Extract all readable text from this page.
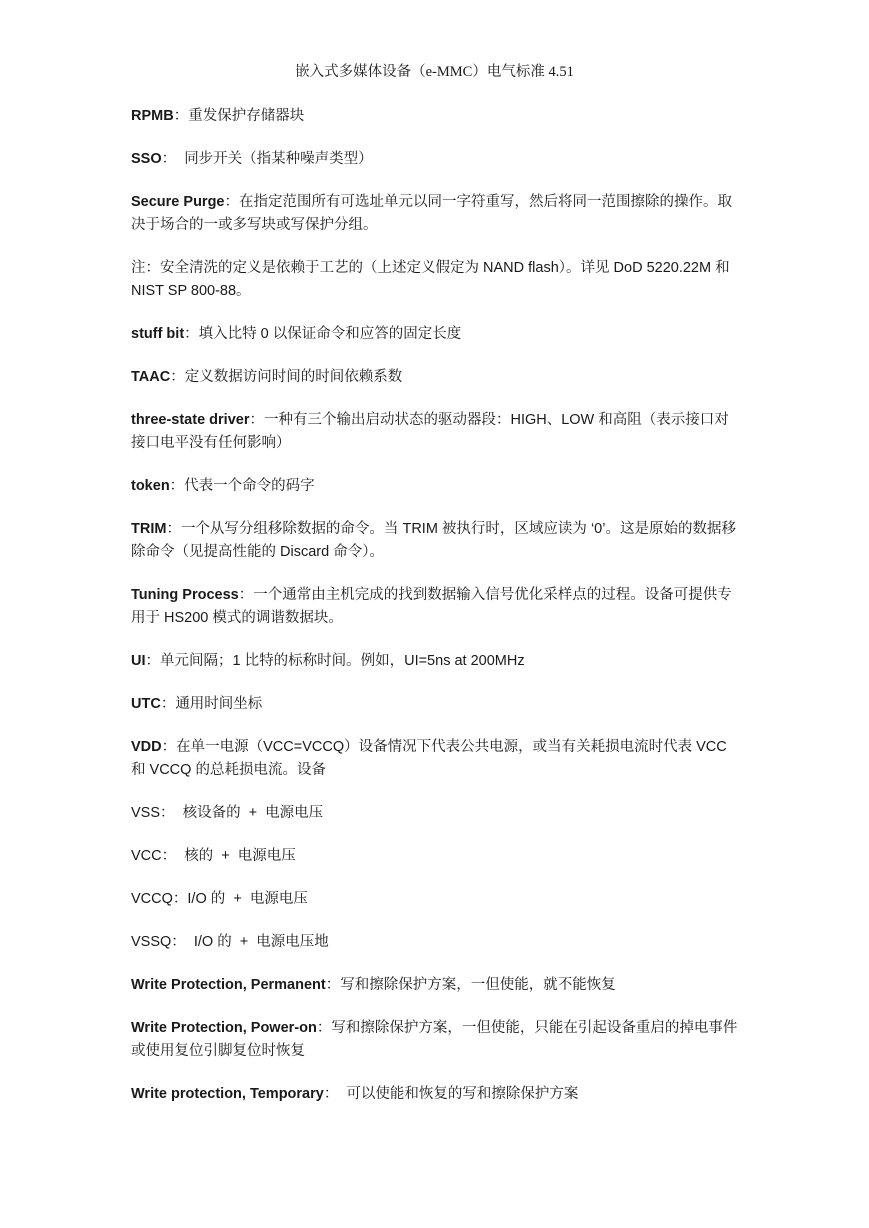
嵌入式多媒体设备（e-MMC）电气标准 4.51

RPMB：重发保护存储器块

SSO：  同步开关（指某种噪声类型）

Secure Purge：在指定范围所有可选址单元以同一字符重写，然后将同一范围擦除的操作。取决于场合的一或多写块或写保护分组。

注：安全清洗的定义是依赖于工艺的（上述定义假定为 NAND flash）。详见 DoD 5220.22M 和 NIST SP 800-88。

stuff bit：填入比特 0 以保证命令和应答的固定长度

TAAC：定义数据访问时间的时间依赖系数

three-state driver：一种有三个输出启动状态的驱动器段：HIGH、LOW 和高阻（表示接口对接口电平没有任何影响）

token：代表一个命令的码字

TRIM：一个从写分组移除数据的命令。当 TRIM 被执行时，区域应读为 ‘0’。这是原始的数据移除命令（见提高性能的 Discard 命令）。

Tuning Process：一个通常由主机完成的找到数据输入信号优化采样点的过程。设备可提供专用于 HS200 模式的调谐数据块。

UI：单元间隔；1 比特的标称时间。例如，UI=5ns at 200MHz

UTC：通用时间坐标

VDD：在单一电源（VCC=VCCQ）设备情况下代表公共电源，或当有关耗损电流时代表 VCC 和 VCCQ 的总耗损电流。设备

VSS：  核设备的  +  电源电压

VCC：  核的  +  电源电压

VCCQ：I/O 的  +  电源电压

VSSQ：  I/O 的  +  电源电压地

Write Protection, Permanent：写和擦除保护方案，一但使能，就不能恢复

Write Protection, Power-on：写和擦除保护方案，一但使能，只能在引起设备重启的掉电事件或使用复位引脚复位时恢复

Write protection, Temporary：  可以使能和恢复的写和擦除保护方案
